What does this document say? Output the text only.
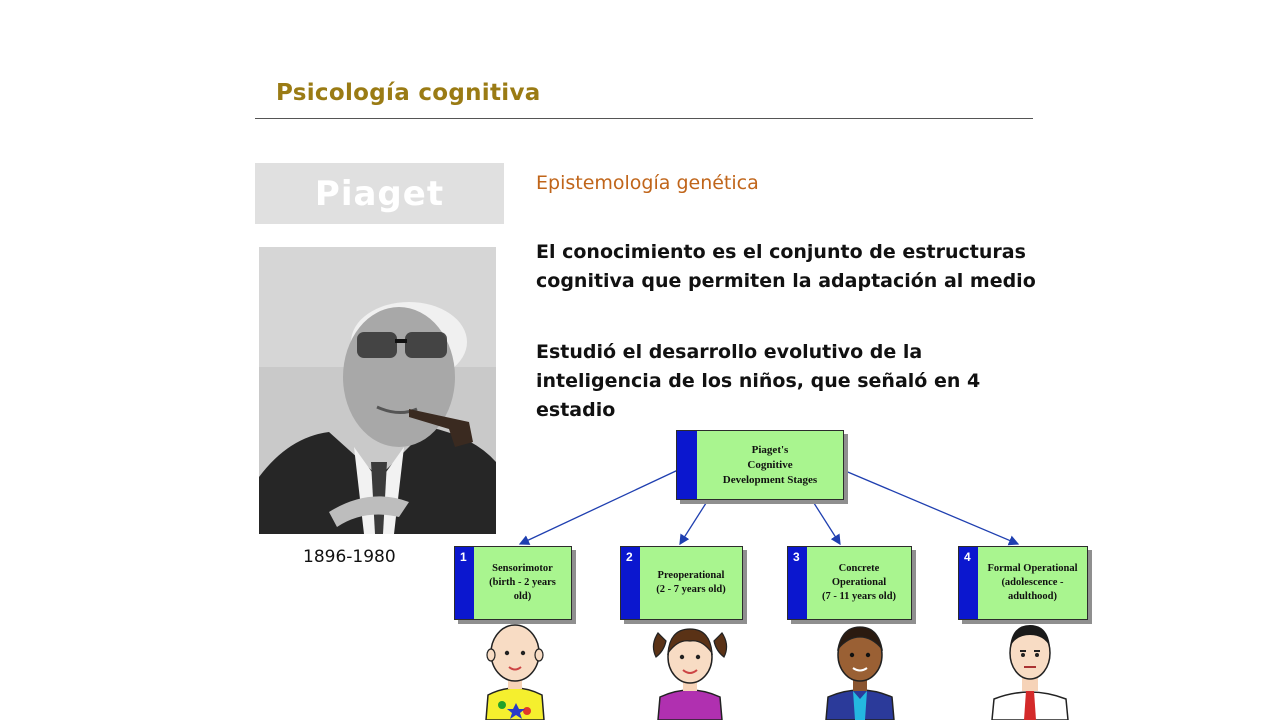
Psicología cognitiva
Piaget
1896-1980
Epistemología genética
El conocimiento es el conjunto de estructuras cognitiva que permiten la adaptación al medio
Estudió el desarrollo evolutivo de la inteligencia de los niños, que señaló en 4 estadio
Piaget's
Cognitive
Development Stages
1
Sensorimotor
(birth - 2 years
old)
2
Preoperational
(2 - 7 years old)
3
Concrete
Operational
(7 - 11 years old)
4
Formal Operational
(adolescence -
adulthood)
